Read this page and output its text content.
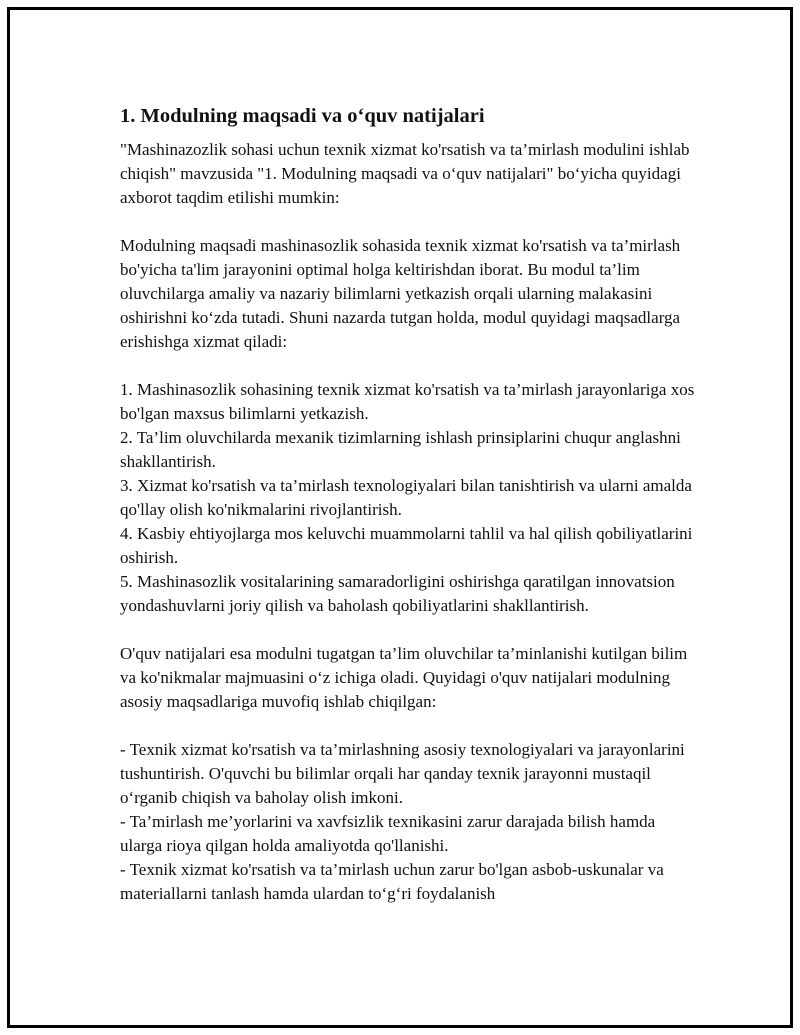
1. Modulning maqsadi va o‘quv natijalari

"Mashinazozlik sohasi uchun texnik xizmat ko'rsatish va ta’mirlash modulini ishlab chiqish" mavzusida "1. Modulning maqsadi va o‘quv natijalari" bo‘yicha quyidagi axborot taqdim etilishi mumkin:

Modulning maqsadi mashinasozlik sohasida texnik xizmat ko'rsatish va ta’mirlash bo'yicha ta'lim jarayonini optimal holga keltirishdan iborat. Bu modul ta’lim oluvchilarga amaliy va nazariy bilimlarni yetkazish orqali ularning malakasini oshirishni ko‘zda tutadi. Shuni nazarda tutgan holda, modul quyidagi maqsadlarga erishishga xizmat qiladi:

1. Mashinasozlik sohasining texnik xizmat ko'rsatish va ta’mirlash jarayonlariga xos bo'lgan maxsus bilimlarni yetkazish.
2. Ta’lim oluvchilarda mexanik tizimlarning ishlash prinsiplarini chuqur anglashni shakllantirish.
3. Xizmat ko'rsatish va ta’mirlash texnologiyalari bilan tanishtirish va ularni amalda qo'llay olish ko'nikmalarini rivojlantirish.
4. Kasbiy ehtiyojlarga mos keluvchi muammolarni tahlil va hal qilish qobiliyatlarini oshirish.
5. Mashinasozlik vositalarining samaradorligini oshirishga qaratilgan innovatsion yondashuvlarni joriy qilish va baholash qobiliyatlarini shakllantirish.

O'quv natijalari esa modulni tugatgan ta’lim oluvchilar ta’minlanishi kutilgan bilim va ko'nikmalar majmuasini o‘z ichiga oladi. Quyidagi o'quv natijalari modulning asosiy maqsadlariga muvofiq ishlab chiqilgan:

- Texnik xizmat ko'rsatish va ta’mirlashning asosiy texnologiyalari va jarayonlarini tushuntirish. O'quvchi bu bilimlar orqali har qanday texnik jarayonni mustaqil o‘rganib chiqish va baholay olish imkoni.
- Ta’mirlash me’yorlarini va xavfsizlik texnikasini zarur darajada bilish hamda ularga rioya qilgan holda amaliyotda qo'llanishi.
- Texnik xizmat ko'rsatish va ta’mirlash uchun zarur bo'lgan asbob-uskunalar va materiallarni tanlash hamda ulardan to‘g‘ri foydalanish
